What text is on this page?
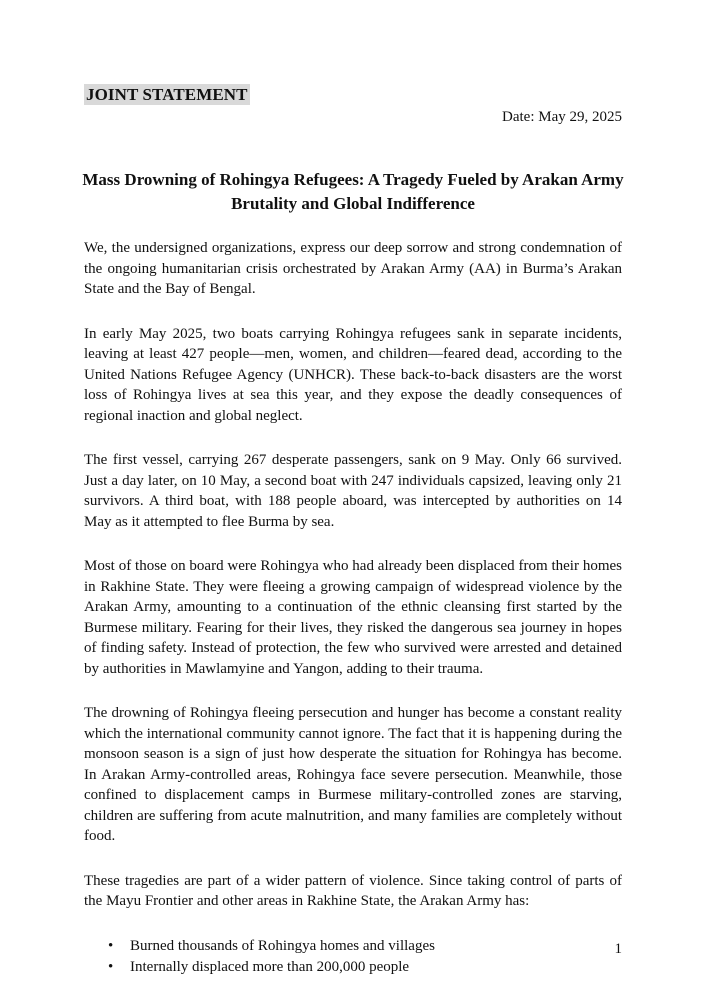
JOINT STATEMENT
Date: May 29, 2025
Mass Drowning of Rohingya Refugees: A Tragedy Fueled by Arakan Army Brutality and Global Indifference

We, the undersigned organizations, express our deep sorrow and strong condemnation of the ongoing humanitarian crisis orchestrated by Arakan Army (AA) in Burma’s Arakan State and the Bay of Bengal.

In early May 2025, two boats carrying Rohingya refugees sank in separate incidents, leaving at least 427 people—men, women, and children—feared dead, according to the United Nations Refugee Agency (UNHCR). These back-to-back disasters are the worst loss of Rohingya lives at sea this year, and they expose the deadly consequences of regional inaction and global neglect.

The first vessel, carrying 267 desperate passengers, sank on 9 May. Only 66 survived. Just a day later, on 10 May, a second boat with 247 individuals capsized, leaving only 21 survivors. A third boat, with 188 people aboard, was intercepted by authorities on 14 May as it attempted to flee Burma by sea.

Most of those on board were Rohingya who had already been displaced from their homes in Rakhine State. They were fleeing a growing campaign of widespread violence by the Arakan Army, amounting to a continuation of the ethnic cleansing first started by the Burmese military. Fearing for their lives, they risked the dangerous sea journey in hopes of finding safety. Instead of protection, the few who survived were arrested and detained by authorities in Mawlamyine and Yangon, adding to their trauma.

The drowning of Rohingya fleeing persecution and hunger has become a constant reality which the international community cannot ignore. The fact that it is happening during the monsoon season is a sign of just how desperate the situation for Rohingya has become. In Arakan Army-controlled areas, Rohingya face severe persecution. Meanwhile, those confined to displacement camps in Burmese military-controlled zones are starving, children are suffering from acute malnutrition, and many families are completely without food.

These tragedies are part of a wider pattern of violence. Since taking control of parts of the Mayu Frontier and other areas in Rakhine State, the Arakan Army has:

• Burned thousands of Rohingya homes and villages
• Internally displaced more than 200,000 people
1
